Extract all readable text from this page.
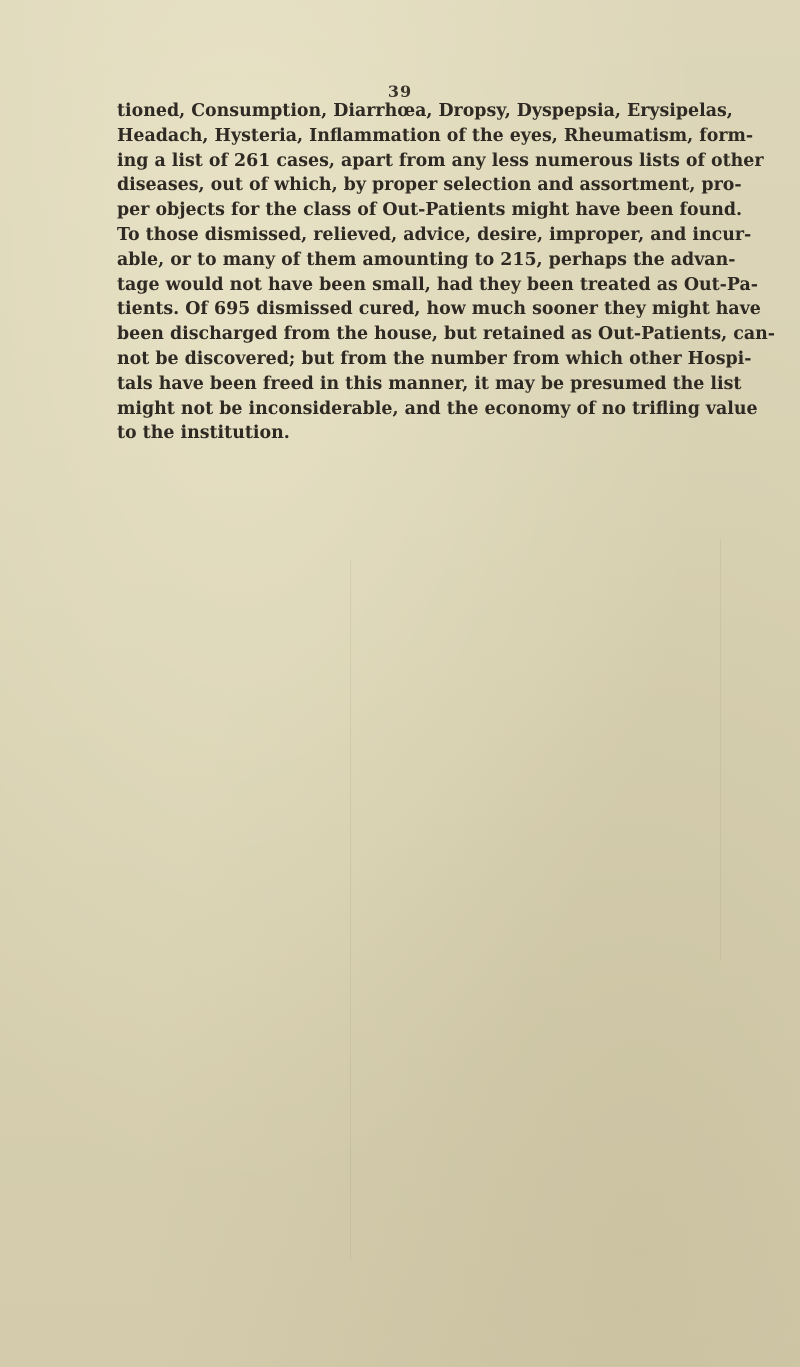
39
tioned, Consumption, Diarrhœa, Dropsy, Dyspepsia, Erysipelas,
Headach, Hysteria, Inflammation of the eyes, Rheumatism, form-
ing a list of 261 cases, apart from any less numerous lists of other
diseases, out of which, by proper selection and assortment, pro-
per objects for the class of Out-Patients might have been found.
To those dismissed, relieved, advice, desire, improper, and incur-
able, or to many of them amounting to 215, perhaps the advan-
tage would not have been small, had they been treated as Out-Pa-
tients. Of 695 dismissed cured, how much sooner they might have
been discharged from the house, but retained as Out-Patients, can-
not be discovered; but from the number from which other Hospi-
tals have been freed in this manner, it may be presumed the list
might not be inconsiderable, and the economy of no trifling value
to the institution.
